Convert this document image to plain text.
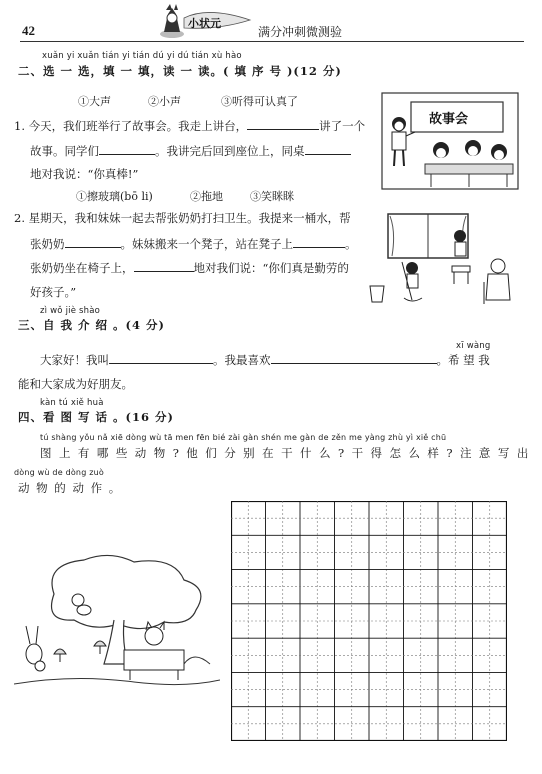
42	小状元
满分冲刺微测验
xuǎn yi xuǎn tián yi tián dú yi dú tián xù hào
二、选 一 选，填 一 填，读 一 读。( 填 序 号 )(12 分)
①大声	②小声	③听得可认真了
1. 今天，我们班举行了故事会。我走上讲台，	讲了一个
故事。同学们	。我讲完后回到座位上，同桌
地对我说：“你真棒!”
①擦玻璃(bō li)	②拖地 ③笑眯眯
2. 星期天，我和妹妹一起去帮张奶奶打扫卫生。我提来一桶水，帮
张奶奶	。妹妹搬来一个凳子，站在凳子上	。
张奶奶坐在椅子上，	地对我们说：“你们真是勤劳的
好孩子。”
故事会
zì wǒ jiè shào
三、自 我 介 绍 。(4 分)
xī wàng
大家好！我叫	。我最喜欢	。希 望 我
能和大家成为好朋友。
kàn tú xiě huà
四、看 图 写 话 。(16 分)
tú shàng yǒu nǎ xiē dòng wù tā men fēn bié zài gàn shén me gàn de zěn me yàng zhù yì xiě chū
图 上 有 哪 些 动 物 ? 他 们 分 别 在 干 什 么 ? 干 得 怎 么 样 ? 注 意 写 出
dòng wù de dòng zuò
动 物 的 动 作 。
